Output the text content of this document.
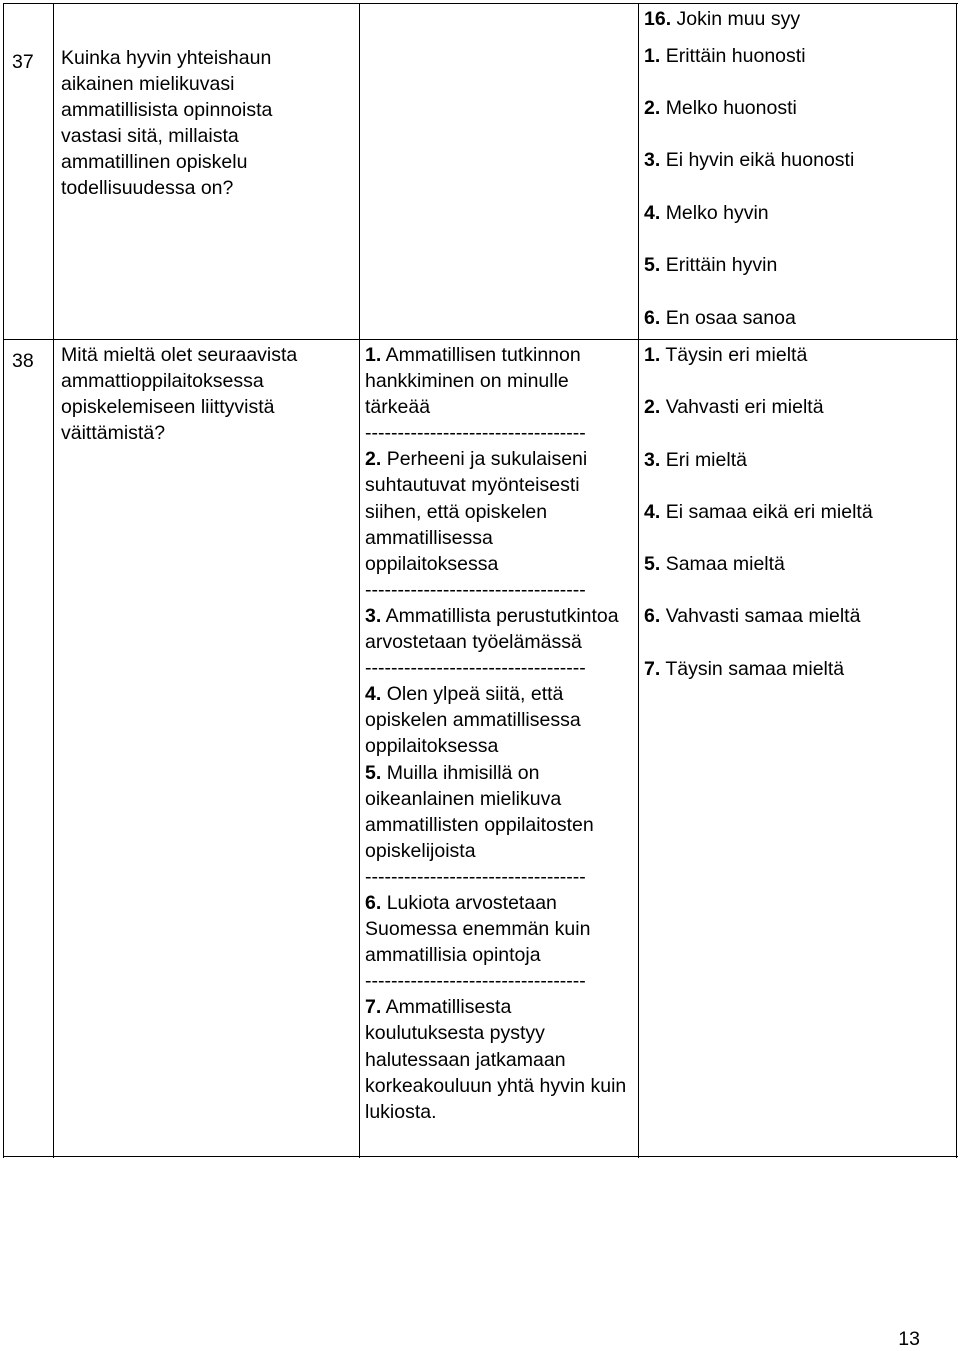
37 Kuinka hyvin yhteishaun aikainen mielikuvasi ammatillisista opinnoista vastasi sitä, millaista ammatillinen opiskelu todellisuudessa on?
16. Jokin muu syy
1. Erittäin huonosti
2. Melko huonosti
3. Ei hyvin eikä huonosti
4. Melko hyvin
5. Erittäin hyvin
6. En osaa sanoa
38 Mitä mieltä olet seuraavista ammattioppilaitoksessa opiskelemiseen liittyvistä väittämistä?
1. Ammatillisen tutkinnon hankkiminen on minulle tärkeää
----------------------------------
2. Perheeni ja sukulaiseni suhtautuvat myönteisesti siihen, että opiskelen ammatillisessa oppilaitoksessa
----------------------------------
3. Ammatillista perustutkintoa arvostetaan työelämässä
----------------------------------
4. Olen ylpeä siitä, että opiskelen ammatillisessa oppilaitoksessa
5. Muilla ihmisillä on oikeanlainen mielikuva ammatillisten oppilaitosten opiskelijoista
----------------------------------
6. Lukiota arvostetaan Suomessa enemmän kuin ammatillisia opintoja
----------------------------------
7. Ammatillisesta koulutuksesta pystyy halutessaan jatkamaan korkeakouluun yhtä hyvin kuin lukiosta.
1. Täysin eri mieltä
2. Vahvasti eri mieltä
3. Eri mieltä
4. Ei samaa eikä eri mieltä
5. Samaa mieltä
6. Vahvasti samaa mieltä
7. Täysin samaa mieltä
13
